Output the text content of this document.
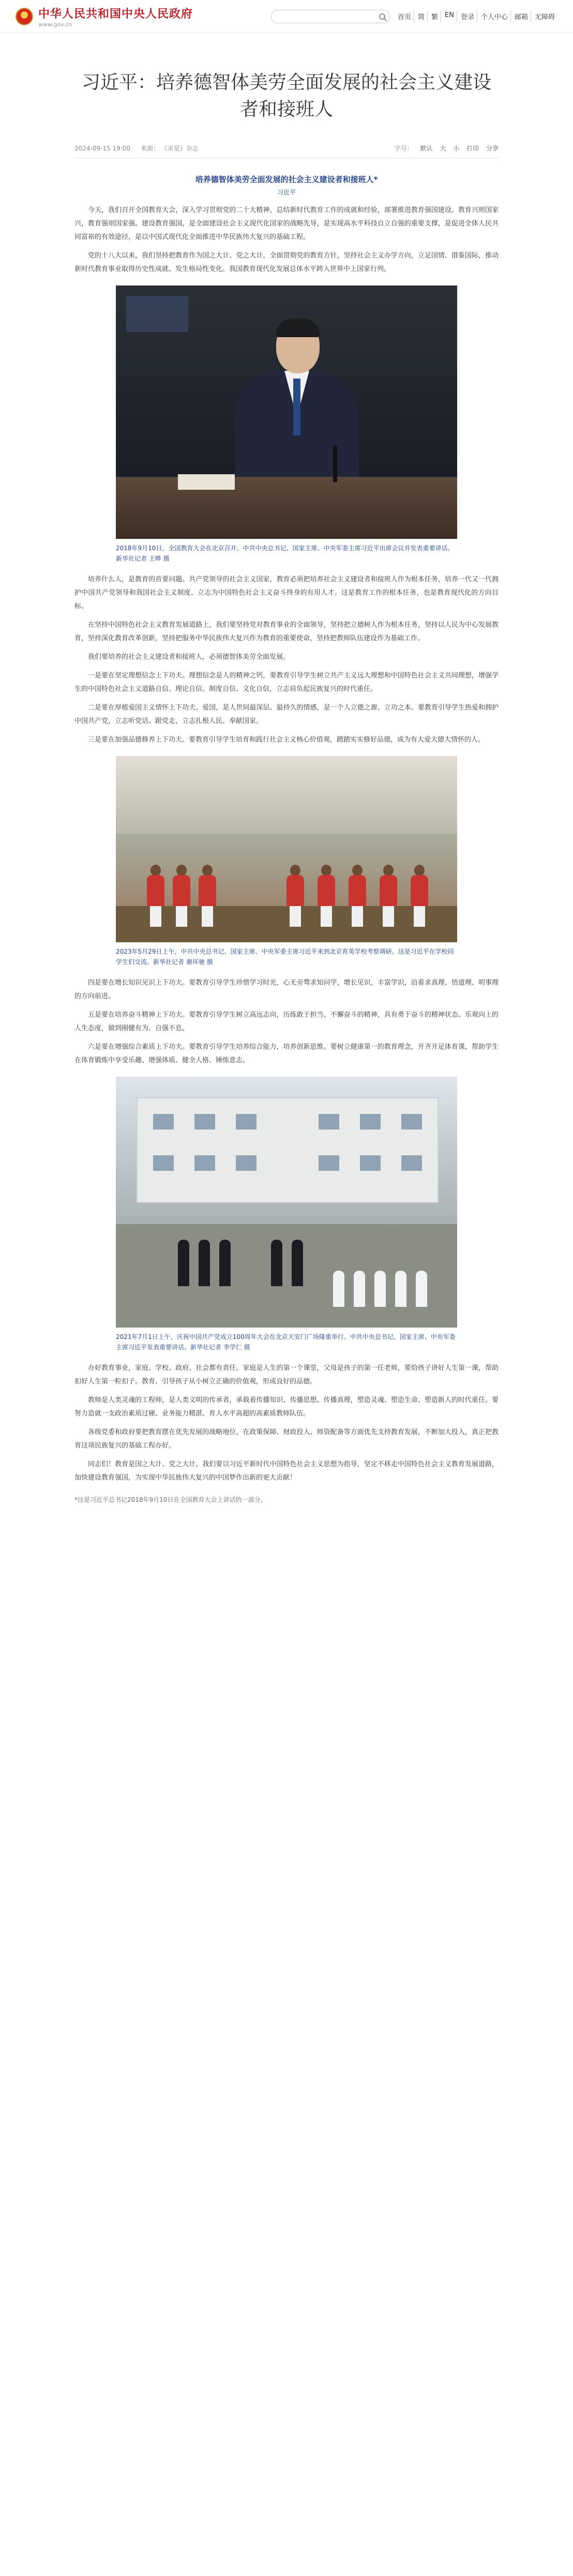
中华人民共和国中央人民政府
www.gov.cn
首页	简	繁	EN	登录	个人中心	邮箱	无障碍
习近平：培养德智体美劳全面发展的社会主义建设者和接班人
2024-09-15 19:00 来源： 《求是》杂志	字号： 默认 大 小 打印 分享
培养德智体美劳全面发展的社会主义建设者和接班人*
习近平

今天，我们召开全国教育大会，深入学习贯彻党的二十大精神，总结新时代教育工作的成就和经验，部署推进教育强国建设。教育兴则国家兴，教育强则国家强。建设教育强国，是全面建设社会主义现代化国家的战略先导，是实现高水平科技自立自强的重要支撑，是促进全体人民共同富裕的有效途径，是以中国式现代化全面推进中华民族伟大复兴的基础工程。

党的十八大以来，我们坚持把教育作为国之大计、党之大计，全面贯彻党的教育方针，坚持社会主义办学方向，立足国情、借鉴国际，推动新时代教育事业取得历史性成就、发生格局性变化。我国教育现代化发展总体水平跨入世界中上国家行列。

2018年9月10日，全国教育大会在北京召开。中共中央总书记、国家主席、中央军委主席习近平出席会议并发表重要讲话。新华社记者 王晔 摄

培养什么人，是教育的首要问题。共产党领导的社会主义国家，教育必须把培养社会主义建设者和接班人作为根本任务，培养一代又一代拥护中国共产党领导和我国社会主义制度、立志为中国特色社会主义奋斗终身的有用人才。这是教育工作的根本任务，也是教育现代化的方向目标。

在坚持中国特色社会主义教育发展道路上，我们要坚持党对教育事业的全面领导，坚持把立德树人作为根本任务，坚持以人民为中心发展教育，坚持深化教育改革创新，坚持把服务中华民族伟大复兴作为教育的重要使命，坚持把教师队伍建设作为基础工作。

我们要培养的社会主义建设者和接班人，必须德智体美劳全面发展。

一是要在坚定理想信念上下功夫。理想信念是人的精神之钙，要教育引导学生树立共产主义远大理想和中国特色社会主义共同理想，增强学生的中国特色社会主义道路自信、理论自信、制度自信、文化自信，立志肩负起民族复兴的时代重任。

二是要在厚植爱国主义情怀上下功夫。爱国，是人世间最深层、最持久的情感，是一个人立德之源、立功之本。要教育引导学生热爱和拥护中国共产党，立志听党话、跟党走，立志扎根人民、奉献国家。

三是要在加强品德修养上下功夫。要教育引导学生培育和践行社会主义核心价值观，踏踏实实修好品德，成为有大爱大德大情怀的人。

2023年5月29日上午，中共中央总书记、国家主席、中央军委主席习近平来到北京育英学校考察调研。这是习近平在学校同学生们交流。新华社记者 谢环驰 摄

四是要在增长知识见识上下功夫。要教育引导学生珍惜学习时光，心无旁骛求知问学，增长见识，丰富学识，沿着求真理、悟道理、明事理的方向前进。

五是要在培养奋斗精神上下功夫。要教育引导学生树立高远志向，历练敢于担当、不懈奋斗的精神，具有勇于奋斗的精神状态、乐观向上的人生态度，做到刚健有为、自强不息。

六是要在增强综合素质上下功夫。要教育引导学生培养综合能力，培养创新思维。要树立健康第一的教育理念，开齐开足体育课，帮助学生在体育锻炼中享受乐趣、增强体质、健全人格、锤炼意志。

2021年7月1日上午，庆祝中国共产党成立100周年大会在北京天安门广场隆重举行。中共中央总书记、国家主席、中央军委主席习近平发表重要讲话。新华社记者 李学仁 摄

办好教育事业，家庭、学校、政府、社会都有责任。家庭是人生的第一个课堂，父母是孩子的第一任老师，要给孩子讲好人生第一课，帮助扣好人生第一粒扣子。教育、引导孩子从小树立正确的价值观，形成良好的品德。

教师是人类灵魂的工程师，是人类文明的传承者，承载着传播知识、传播思想、传播真理，塑造灵魂、塑造生命、塑造新人的时代重任。要努力造就一支政治素质过硬、业务能力精湛、育人水平高超的高素质教师队伍。

各级党委和政府要把教育摆在优先发展的战略地位，在政策保障、财政投入、师资配备等方面优先支持教育发展，不断加大投入，真正把教育这项民族复兴的基础工程办好。

同志们！教育是国之大计、党之大计。我们要以习近平新时代中国特色社会主义思想为指导，坚定不移走中国特色社会主义教育发展道路，加快建设教育强国，为实现中华民族伟大复兴的中国梦作出新的更大贡献！

*这是习近平总书记2018年9月10日在全国教育大会上讲话的一部分。
